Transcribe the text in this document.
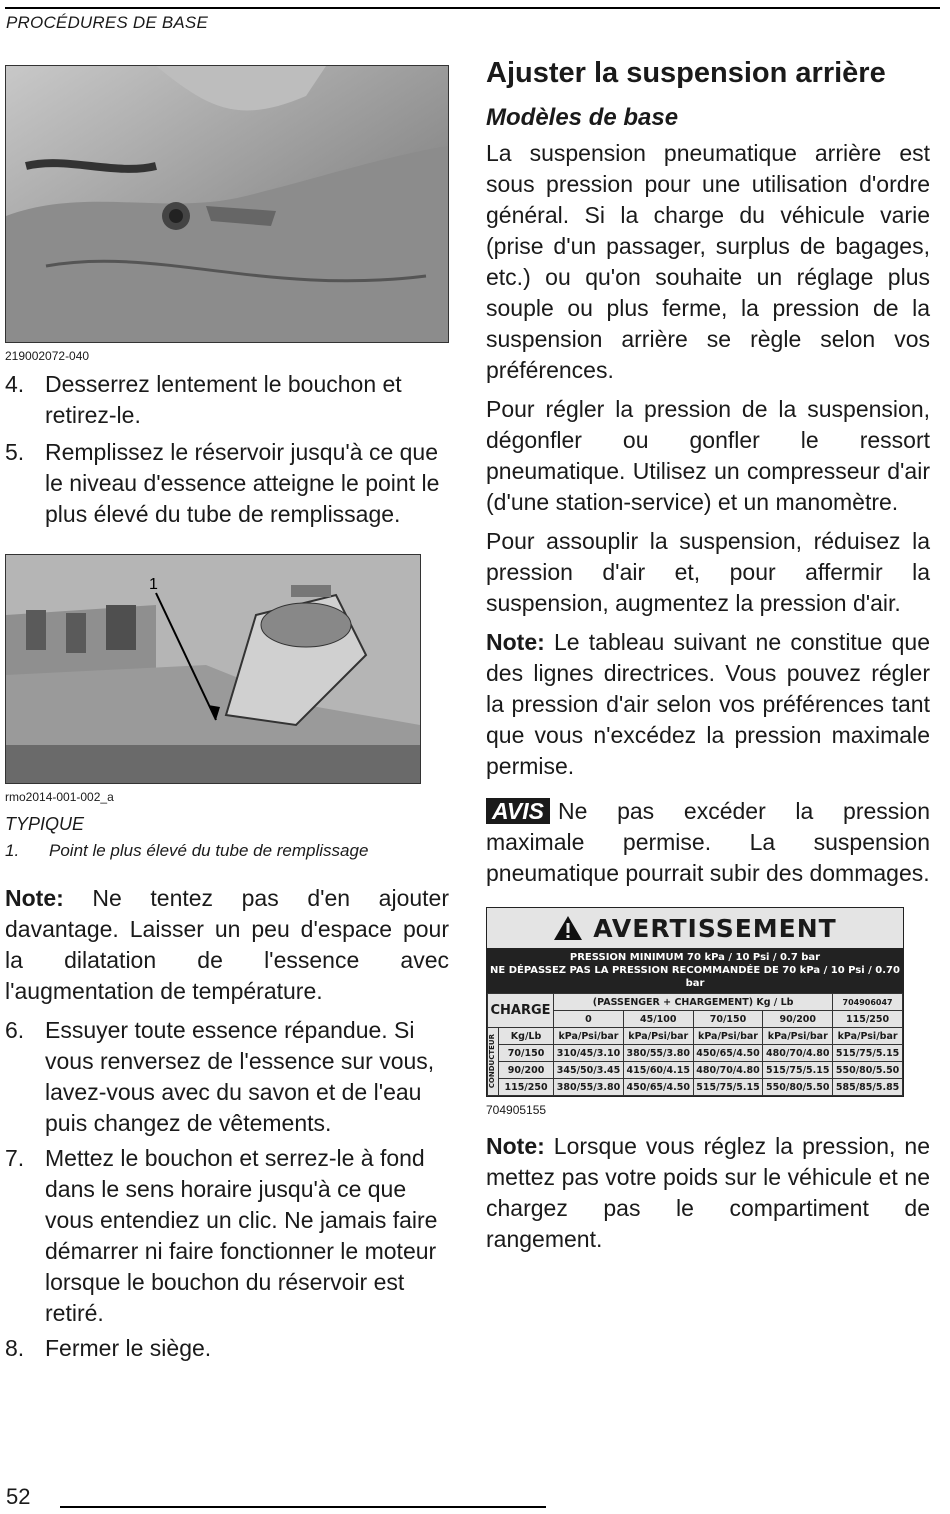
PROCÉDURES DE BASE
219002072-040
4. Desserrez lentement le bouchon et retirez-le.
5. Remplissez le réservoir jusqu'à ce que le niveau d'essence atteigne le point le plus élevé du tube de remplissage.
1
rmo2014-001-002_a
TYPIQUE
1.	Point le plus élevé du tube de remplissage

Note: Ne tentez pas d'en ajouter davantage. Laisser un peu d'espace pour la dilatation de l'essence avec l'augmentation de température.

6. Essuyer toute essence répandue. Si vous renversez de l'essence sur vous, lavez-vous avec du savon et de l'eau puis changez de vêtements.
7. Mettez le bouchon et serrez-le à fond dans le sens horaire jusqu'à ce que vous entendiez un clic. Ne jamais faire démarrer ni faire fonctionner le moteur lorsque le bouchon du réservoir est retiré.
8. Fermer le siège.
Ajuster la suspension arrière
Modèles de base

La suspension pneumatique arrière est sous pression pour une utilisation d'ordre général. Si la charge du véhicule varie (prise d'un passager, surplus de bagages, etc.) ou qu'on souhaite un réglage plus souple ou plus ferme, la pression de la suspension arrière se règle selon vos préférences.

Pour régler la pression de la suspension, dégonfler ou gonfler le ressort pneumatique. Utilisez un compresseur d'air (d'une station-service) et un manomètre.

Pour assouplir la suspension, réduisez la pression d'air et, pour affermir la suspension, augmentez la pression d'air.

Note: Le tableau suivant ne constitue que des lignes directrices. Vous pouvez régler la pression d'air selon vos préférences tant que vous n'excédez la pression maximale permise.

AVIS Ne pas excéder la pression maximale permise. La suspension pneumatique pourrait subir des dommages.

AVERTISSEMENT
PRESSION MINIMUM 70 kPa / 10 Psi / 0.7 bar
NE DÉPASSEZ PAS LA PRESSION RECOMMANDÉE DE 70 kPa / 10 Psi / 0.70 bar
CHARGE		(PASSENGER + CHARGEMENT) Kg / Lb				704906047
		0	45/100	70/150	90/200	115/250

CONDUCTEUR	Kg/Lb	kPa/Psi/bar	kPa/Psi/bar	kPa/Psi/bar	kPa/Psi/bar	kPa/Psi/bar
	70/150	310/45/3.10	380/55/3.80	450/65/4.50	480/70/4.80	515/75/5.15
	90/200	345/50/3.45	415/60/4.15	480/70/4.80	515/75/5.15	550/80/5.50
	115/250	380/55/3.80	450/65/4.50	515/75/5.15	550/80/5.50	585/85/5.85
704905155

Note: Lorsque vous réglez la pression, ne mettez pas votre poids sur le véhicule et ne chargez pas le compartiment de rangement.

52
